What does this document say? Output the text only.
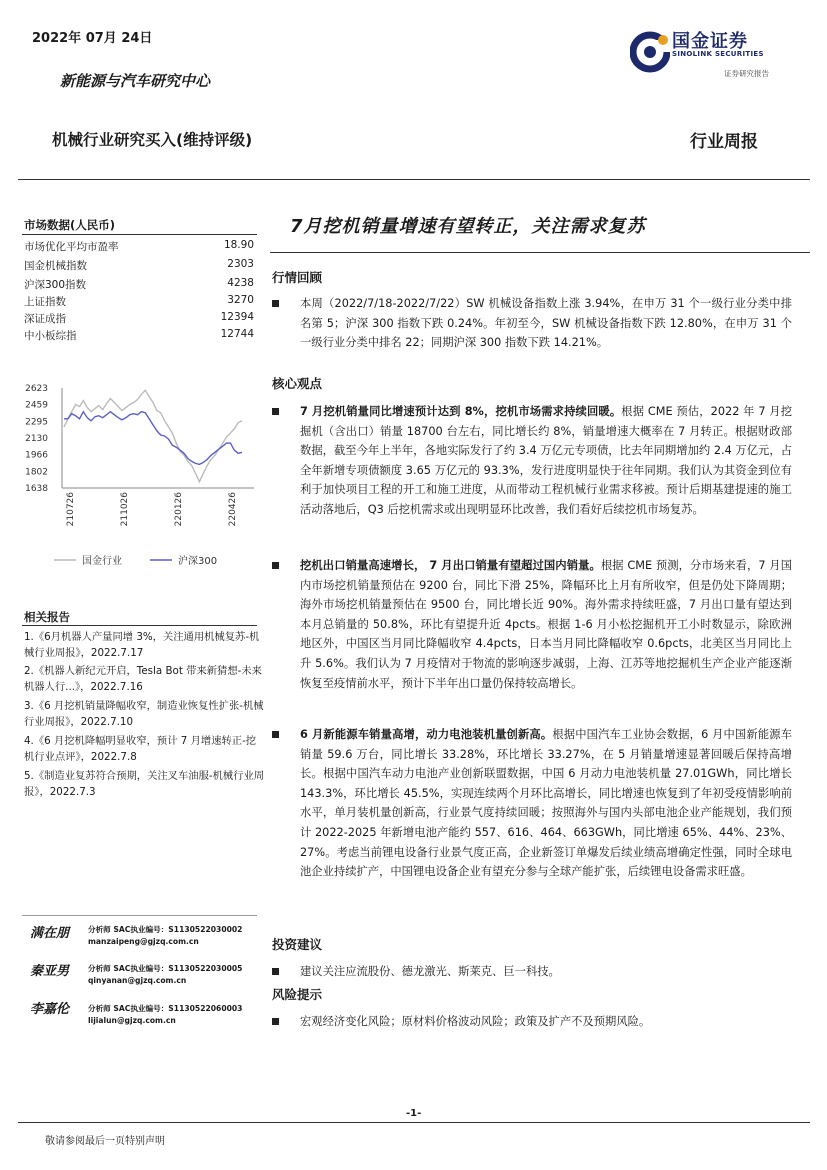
2022年 07月 24日
新能源与汽车研究中心
机械行业研究买入(维持评级)	行业周报
国金证券
SINOLINK SECURITIES
证券研究报告
市场数据(人民币)
市场优化平均市盈率	18.90
国金机械指数	2303
沪深300指数	4238
上证指数	3270
深证成指	12394
中小板综指	12744
2623
2459
2295
2130
1966
1802
1638
210726	211026	220126	220426
国金行业	沪深300
相关报告
1.《6月机器人产量同增 3%，关注通用机械复苏-机械行业周报》，2022.7.17
2.《机器人新纪元开启，Tesla Bot 带来新猜想-未来机器人行...》，2022.7.16
3.《6 月挖机销量降幅收窄，制造业恢复性扩张-机械行业周报》，2022.7.10
4.《6 月挖机降幅明显收窄，预计 7 月增速转正-挖机行业点评》，2022.7.8
5.《制造业复苏符合预期，关注叉车油服-机械行业周报》，2022.7.3
满在朋 分析师 SAC执业编号：S1130522030002
manzaipeng@gjzq.com.cn
秦亚男 分析师 SAC执业编号：S1130522030005
qinyanan@gjzq.com.cn
李嘉伦 分析师 SAC执业编号：S1130522060003
lijialun@gjzq.com.cn
7月挖机销量增速有望转正，关注需求复苏
行情回顾
本周（2022/7/18-2022/7/22）SW 机械设备指数上涨 3.94%，在申万 31 个一级行业分类中排名第 5；沪深 300 指数下跌 0.24%。年初至今，SW 机械设备指数下跌 12.80%，在申万 31 个一级行业分类中排名 22；同期沪深 300 指数下跌 14.21%。
核心观点
7 月挖机销量同比增速预计达到 8%，挖机市场需求持续回暖。根据 CME 预估，2022 年 7 月挖掘机（含出口）销量 18700 台左右，同比增长约 8%，销量增速大概率在 7 月转正。根据财政部数据，截至今年上半年，各地实际发行了约 3.4 万亿元专项债，比去年同期增加约 2.4 万亿元，占全年新增专项债额度 3.65 万亿元的 93.3%，发行进度明显快于往年同期。我们认为其资金到位有利于加快项目工程的开工和施工进度，从而带动工程机械行业需求移被。预计后期基建提速的施工活动落地后，Q3 后挖机需求或出现明显环比改善，我们看好后续挖机市场复苏。
挖机出口销量高速增长， 7 月出口销量有望超过国内销量。根据 CME 预测，分市场来看，7 月国内市场挖机销量预估在 9200 台，同比下滑 25%，降幅环比上月有所收窄，但是仍处下降周期；海外市场挖机销量预估在 9500 台，同比增长近 90%。海外需求持续旺盛，7 月出口量有望达到本月总销量的 50.8%，环比有望提升近 4pcts。根据 1-6 月小松挖掘机开工小时数显示，除欧洲地区外，中国区当月同比降幅收窄 4.4pcts，日本当月同比降幅收窄 0.6pcts，北美区当月同比上升 5.6%。我们认为 7 月疫情对于物流的影响逐步减弱，上海、江苏等地挖掘机生产企业产能逐渐恢复至疫情前水平，预计下半年出口量仍保持较高增长。
6 月新能源车销量高增，动力电池装机量创新高。根据中国汽车工业协会数据，6 月中国新能源车销量 59.6 万台，同比增长 33.28%，环比增长 33.27%，在 5 月销量增速显著回暖后保持高增长。根据中国汽车动力电池产业创新联盟数据，中国 6 月动力电池装机量 27.01GWh，同比增长 143.3%，环比增长 45.5%，实现连续两个月环比高增长，同比增速也恢复到了年初受疫情影响前水平，单月装机量创新高，行业景气度持续回暖；按照海外与国内头部电池企业产能规划，我们预计 2022-2025 年新增电池产能约 557、616、464、663GWh，同比增速 65%、44%、23%、27%。考虑当前锂电设备行业景气度正高，企业新签订单爆发后续业绩高增确定性强，同时全球电池企业持续扩产，中国锂电设备企业有望充分参与全球产能扩张，后续锂电设备需求旺盛。
投资建议
建议关注应流股份、德龙激光、斯莱克、巨一科技。
风险提示
宏观经济变化风险；原材料价格波动风险；政策及扩产不及预期风险。
-1-
敬请参阅最后一页特别声明
